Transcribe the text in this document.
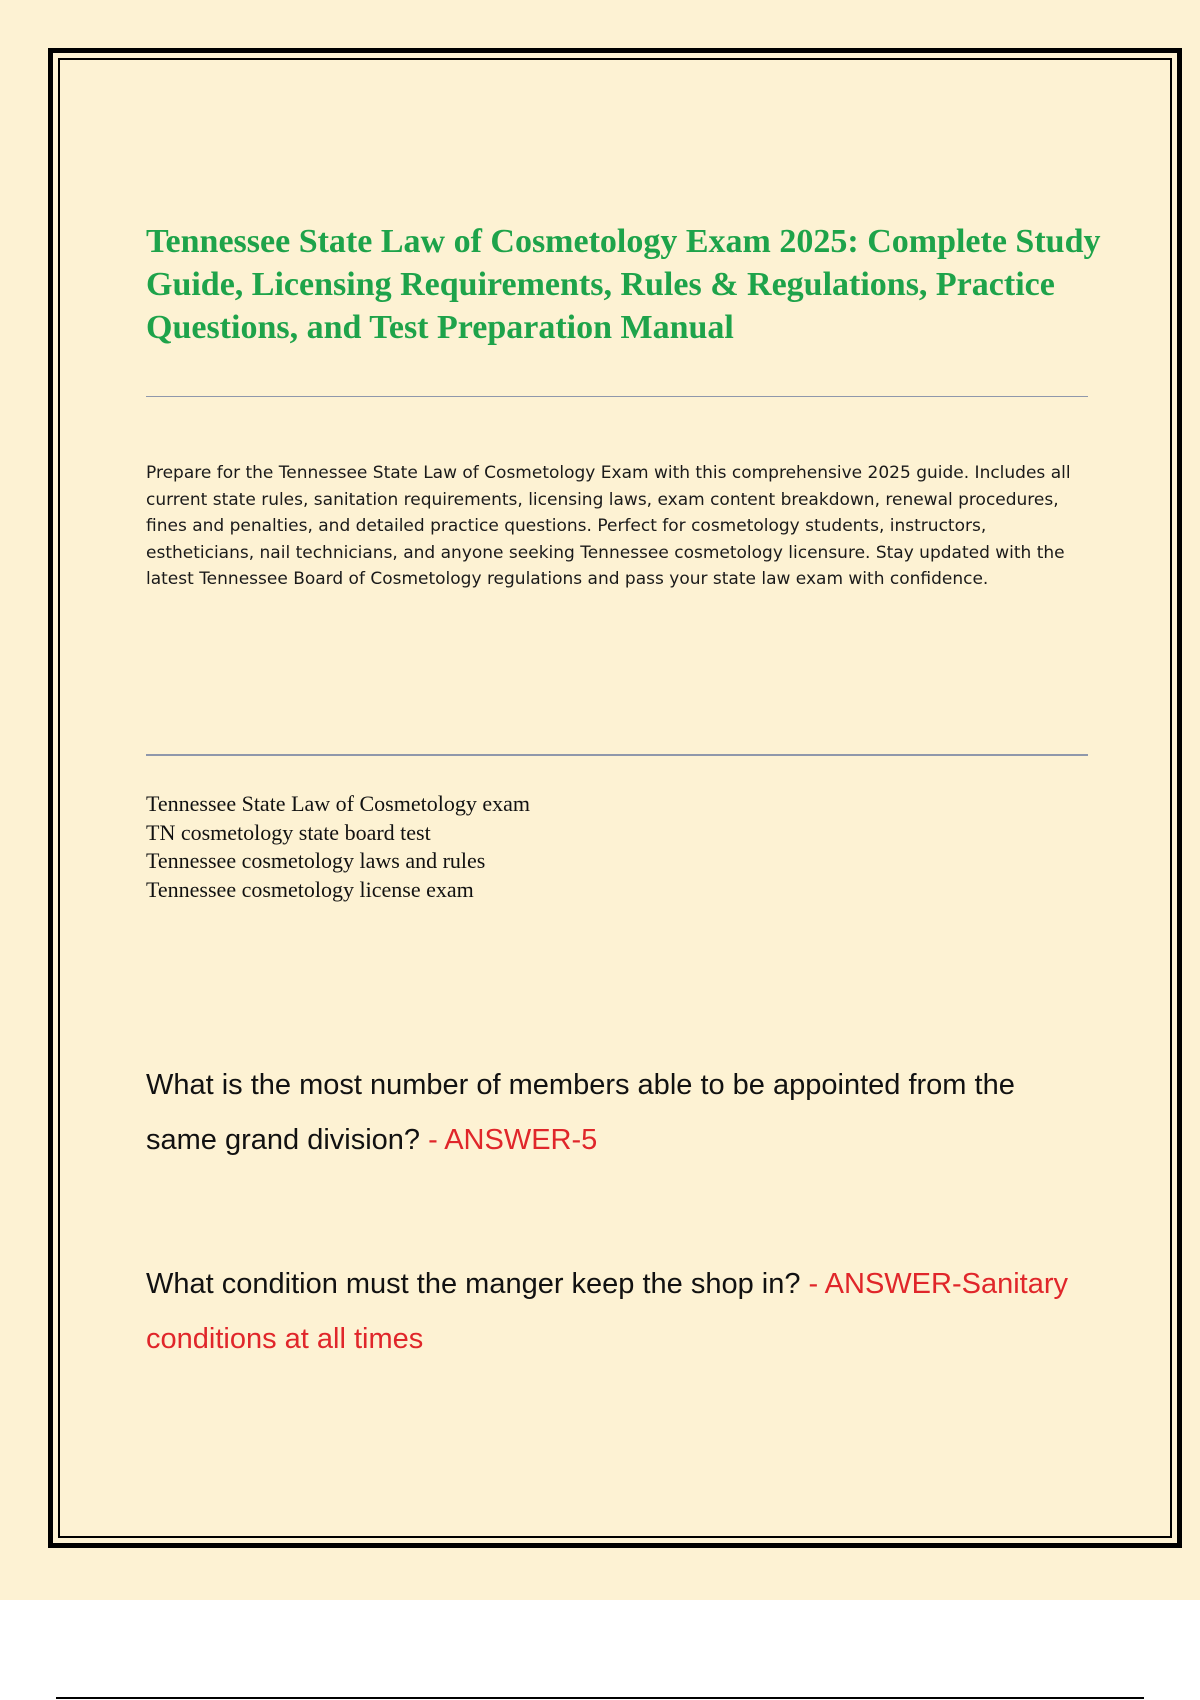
Tennessee State Law of Cosmetology Exam 2025: Complete Study Guide, Licensing Requirements, Rules & Regulations, Practice Questions, and Test Preparation Manual

Prepare for the Tennessee State Law of Cosmetology Exam with this comprehensive 2025 guide. Includes all current state rules, sanitation requirements, licensing laws, exam content breakdown, renewal procedures, fines and penalties, and detailed practice questions. Perfect for cosmetology students, instructors, estheticians, nail technicians, and anyone seeking Tennessee cosmetology licensure. Stay updated with the latest Tennessee Board of Cosmetology regulations and pass your state law exam with confidence.

Tennessee State Law of Cosmetology exam
TN cosmetology state board test
Tennessee cosmetology laws and rules
Tennessee cosmetology license exam

What is the most number of members able to be appointed from the same grand division? - ANSWER-5

What condition must the manger keep the shop in? - ANSWER-Sanitary conditions at all times
